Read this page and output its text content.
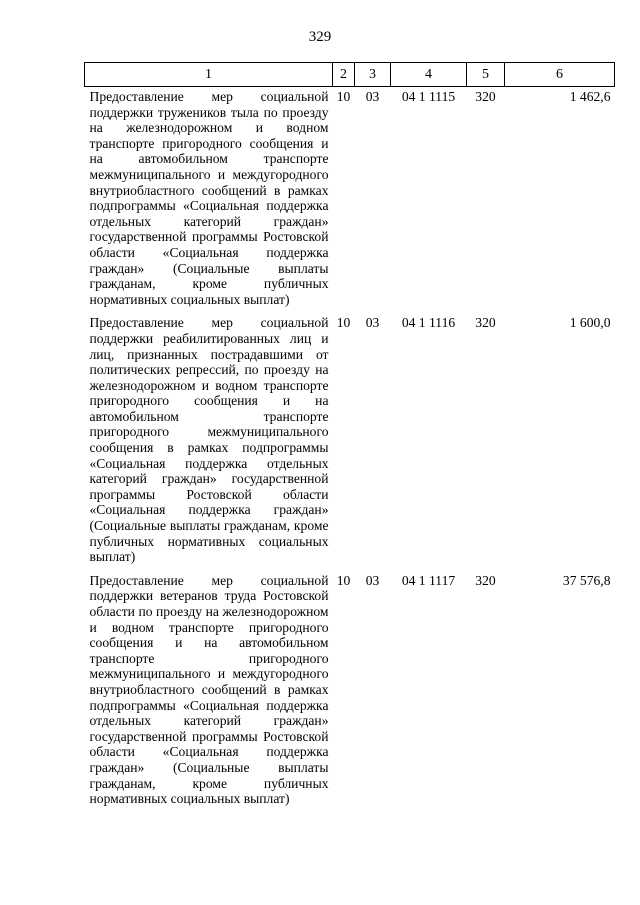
329
1	2	3	4	5	6
Предоставление мер социальной поддержки тружеников тыла по проезду на железнодорожном и водном транспорте пригородного сообщения и на автомобильном транспорте межмуниципального и междугородного внутриобластного сообщений в рамках подпрограммы «Социальная поддержка отдельных категорий граждан» государственной программы Ростовской области «Социальная поддержка граждан» (Социальные выплаты гражданам, кроме публичных нормативных социальных выплат)	10	03	04 1 1115	320	1 462,6
Предоставление мер социальной поддержки реабилитированных лиц и лиц, признанных пострадавшими от политических репрессий, по проезду на железнодорожном и водном транспорте пригородного сообщения и на автомобильном транспорте пригородного межмуниципального сообщения в рамках подпрограммы «Социальная поддержка отдельных категорий граждан» государственной программы Ростовской области «Социальная поддержка граждан» (Социальные выплаты гражданам, кроме публичных нормативных социальных выплат)	10	03	04 1 1116	320	1 600,0
Предоставление мер социальной поддержки ветеранов труда Ростовской области по проезду на железнодорожном и водном транспорте пригородного сообщения и на автомобильном транспорте пригородного межмуниципального и междугородного внутриобластного сообщений в рамках подпрограммы «Социальная поддержка отдельных категорий граждан» государственной программы Ростовской области «Социальная поддержка граждан» (Социальные выплаты гражданам, кроме публичных нормативных социальных выплат)	10	03	04 1 1117	320	37 576,8
